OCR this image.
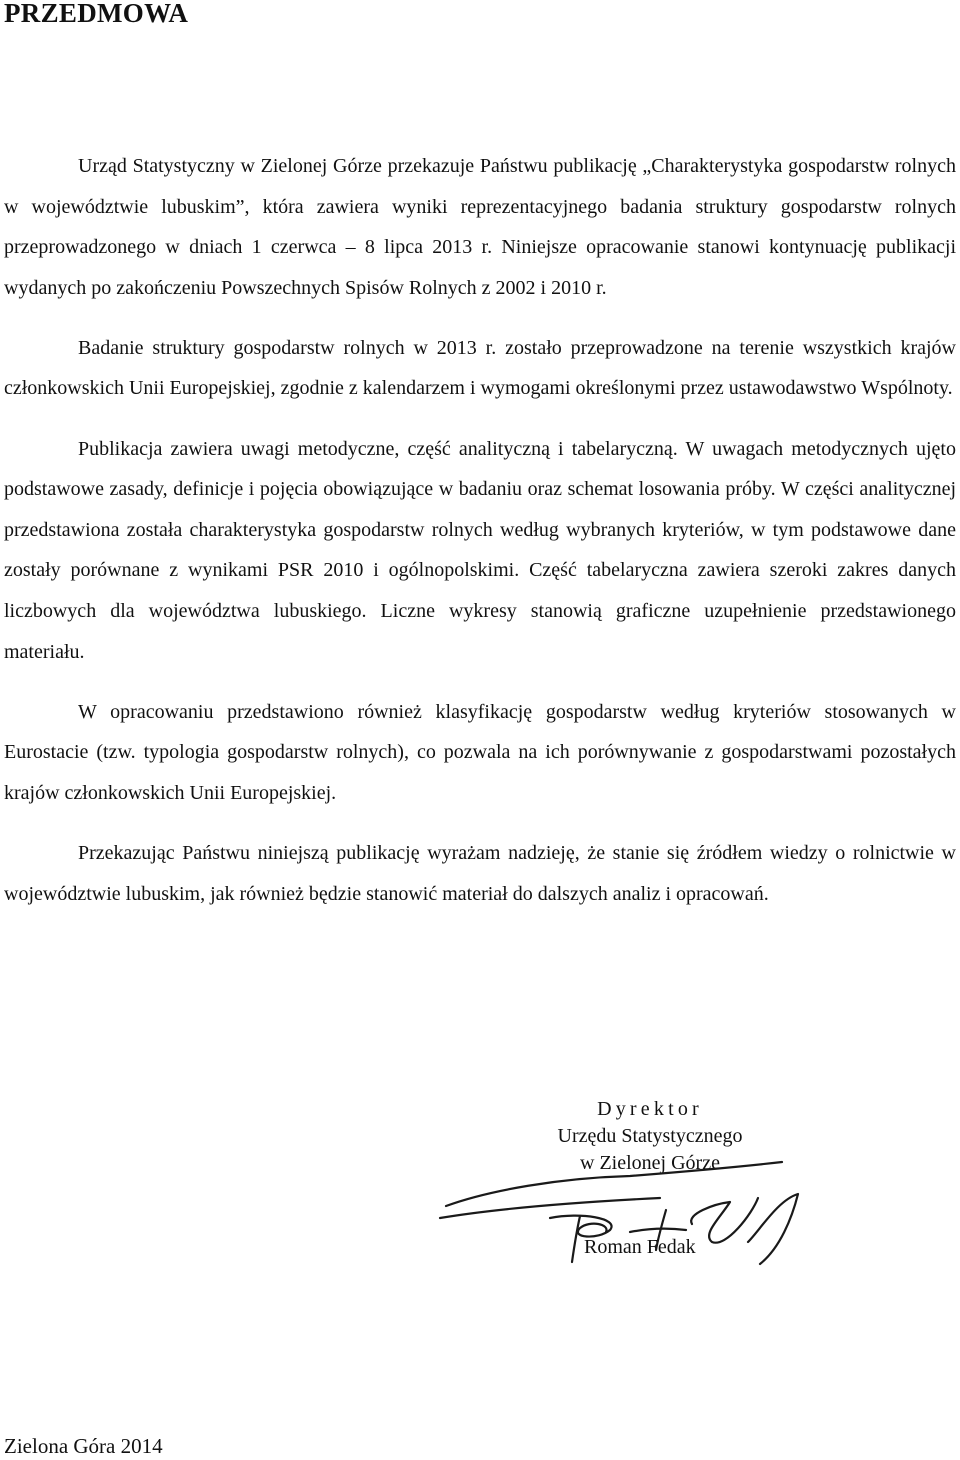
PRZEDMOWA

Urząd Statystyczny w Zielonej Górze przekazuje Państwu publikację „Charakterystyka gospodarstw rolnych w województwie lubuskim”, która zawiera wyniki reprezentacyjnego badania struktury gospodarstw rolnych przeprowadzonego w dniach 1 czerwca – 8 lipca 2013 r. Niniejsze opracowanie stanowi kontynuację publikacji wydanych po zakończeniu Powszechnych Spisów Rolnych z 2002 i 2010 r.

Badanie struktury gospodarstw rolnych w 2013 r. zostało przeprowadzone na terenie wszystkich krajów członkowskich Unii Europejskiej, zgodnie z kalendarzem i wymogami określonymi przez ustawodawstwo Wspólnoty.

Publikacja zawiera uwagi metodyczne, część analityczną i tabelaryczną. W uwagach metodycznych ujęto podstawowe zasady, definicje i pojęcia obowiązujące w badaniu oraz schemat losowania próby. W części analitycznej przedstawiona została charakterystyka gospodarstw rolnych według wybranych kryteriów, w tym podstawowe dane zostały porównane z wynikami PSR 2010 i ogólnopolskimi. Część tabelaryczna zawiera szeroki zakres danych liczbowych dla województwa lubuskiego. Liczne wykresy stanowią graficzne uzupełnienie przedstawionego materiału.

W opracowaniu przedstawiono również klasyfikację gospodarstw według kryteriów stosowanych w Eurostacie (tzw. typologia gospodarstw rolnych), co pozwala na ich porównywanie z gospodarstwami pozostałych krajów członkowskich Unii Europejskiej.

Przekazując Państwu niniejszą publikację wyrażam nadzieję, że stanie się źródłem wiedzy o rolnictwie w województwie lubuskim, jak również będzie stanowić materiał do dalszych analiz i opracowań.

Dyrektor
Urzędu Statystycznego
w Zielonej Górze
Roman Fedak
Zielona Góra 2014
